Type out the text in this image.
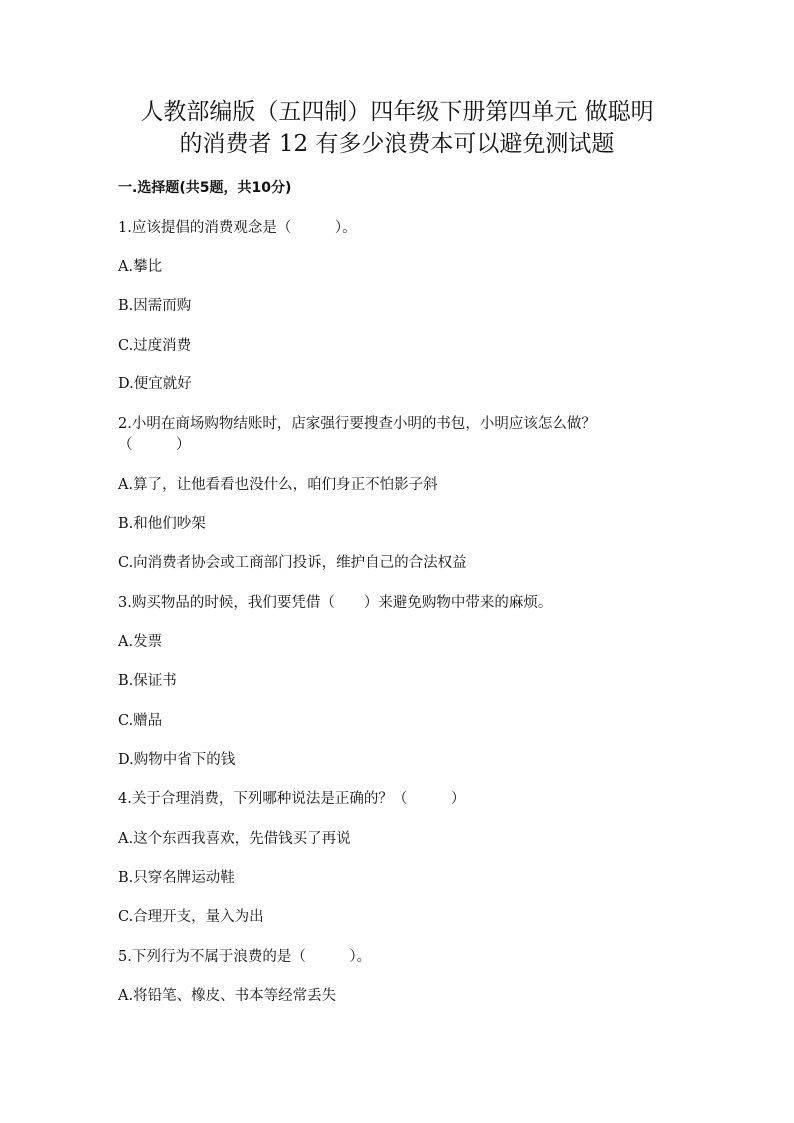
人教部编版（五四制）四年级下册第四单元 做聪明
的消费者 12 有多少浪费本可以避免测试题
一.选择题(共5题，共10分)
1.应该提倡的消费观念是（　　　）。
A.攀比
B.因需而购
C.过度消费
D.便宜就好
2.小明在商场购物结账时，店家强行要搜查小明的书包，小明应该怎么做？
（　　　）
A.算了，让他看看也没什么，咱们身正不怕影子斜
B.和他们吵架
C.向消费者协会或工商部门投诉，维护自己的合法权益
3.购买物品的时候，我们要凭借（　　）来避免购物中带来的麻烦。
A.发票
B.保证书
C.赠品
D.购物中省下的钱
4.关于合理消费，下列哪种说法是正确的？（　　　）
A.这个东西我喜欢，先借钱买了再说
B.只穿名牌运动鞋
C.合理开支，量入为出
5.下列行为不属于浪费的是（　　　）。
A.将铅笔、橡皮、书本等经常丢失
